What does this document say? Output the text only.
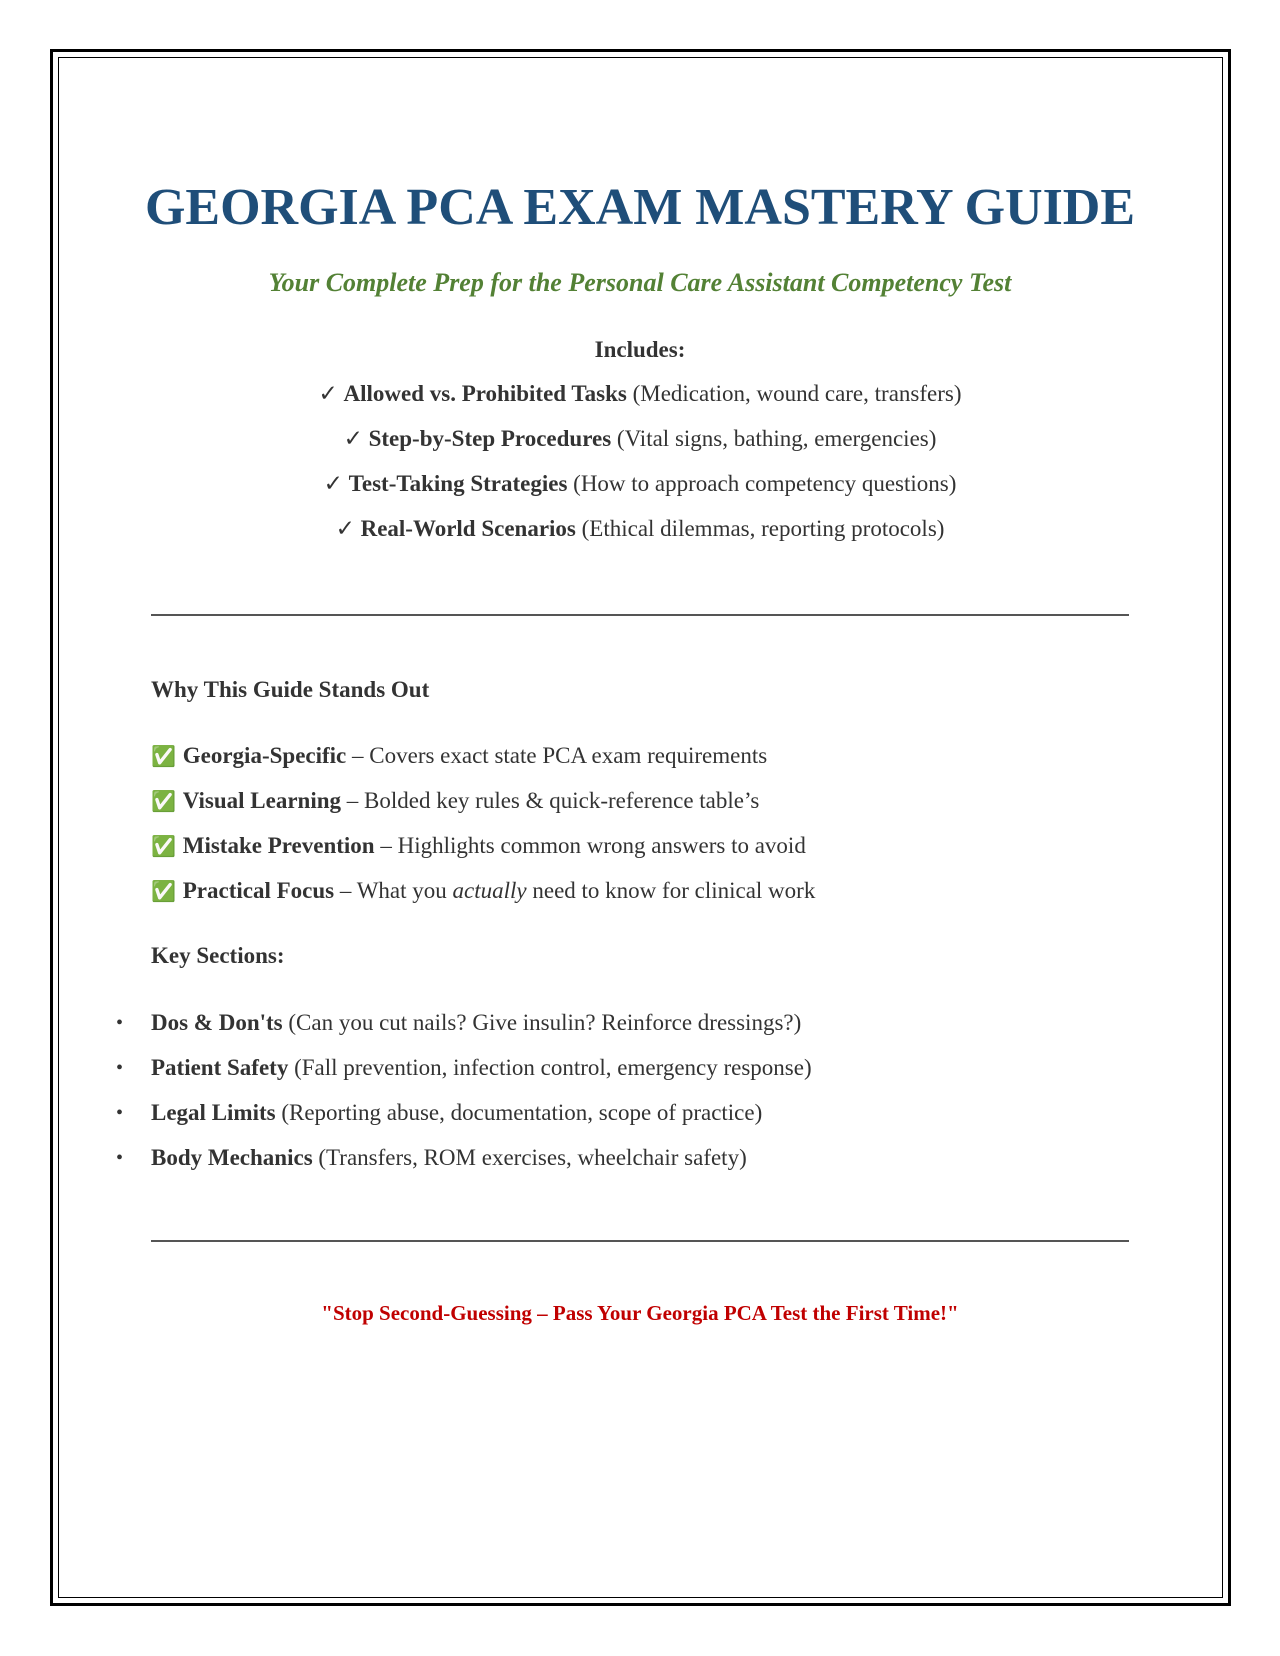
GEORGIA PCA EXAM MASTERY GUIDE
Your Complete Prep for the Personal Care Assistant Competency Test
Includes:
✓ Allowed vs. Prohibited Tasks (Medication, wound care, transfers)
✓ Step-by-Step Procedures (Vital signs, bathing, emergencies)
✓ Test-Taking Strategies (How to approach competency questions)
✓ Real-World Scenarios (Ethical dilemmas, reporting protocols)
Why This Guide Stands Out
✅ Georgia-Specific – Covers exact state PCA exam requirements
✅ Visual Learning – Bolded key rules & quick-reference table’s
✅ Mistake Prevention – Highlights common wrong answers to avoid
✅ Practical Focus – What you actually need to know for clinical work
Key Sections:
• Dos & Don'ts (Can you cut nails? Give insulin? Reinforce dressings?)
• Patient Safety (Fall prevention, infection control, emergency response)
• Legal Limits (Reporting abuse, documentation, scope of practice)
• Body Mechanics (Transfers, ROM exercises, wheelchair safety)
"Stop Second-Guessing – Pass Your Georgia PCA Test the First Time!"
